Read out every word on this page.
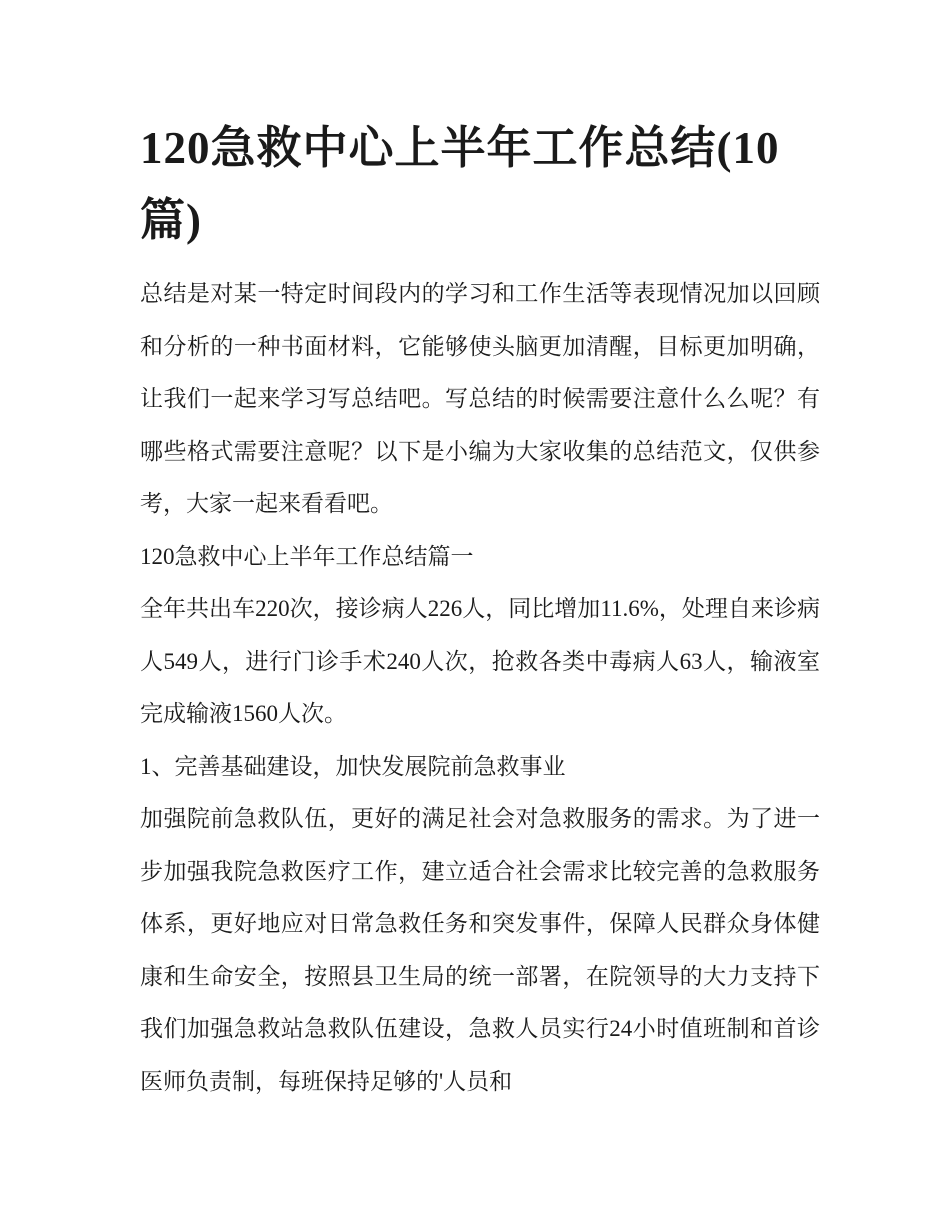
120急救中心上半年工作总结(10篇)

总结是对某一特定时间段内的学习和工作生活等表现情况加以回顾和分析的一种书面材料，它能够使头脑更加清醒，目标更加明确，让我们一起来学习写总结吧。写总结的时候需要注意什么么呢？有哪些格式需要注意呢？以下是小编为大家收集的总结范文，仅供参考，大家一起来看看吧。

120急救中心上半年工作总结篇一

全年共出车220次，接诊病人226人，同比增加11.6%，处理自来诊病人549人，进行门诊手术240人次，抢救各类中毒病人63人，输液室完成输液1560人次。

1、完善基础建设，加快发展院前急救事业

加强院前急救队伍，更好的满足社会对急救服务的需求。为了进一步加强我院急救医疗工作，建立适合社会需求比较完善的急救服务体系，更好地应对日常急救任务和突发事件，保障人民群众身体健康和生命安全，按照县卫生局的统一部署，在院领导的大力支持下我们加强急救站急救队伍建设，急救人员实行24小时值班制和首诊医师负责制，每班保持足够的'人员和
